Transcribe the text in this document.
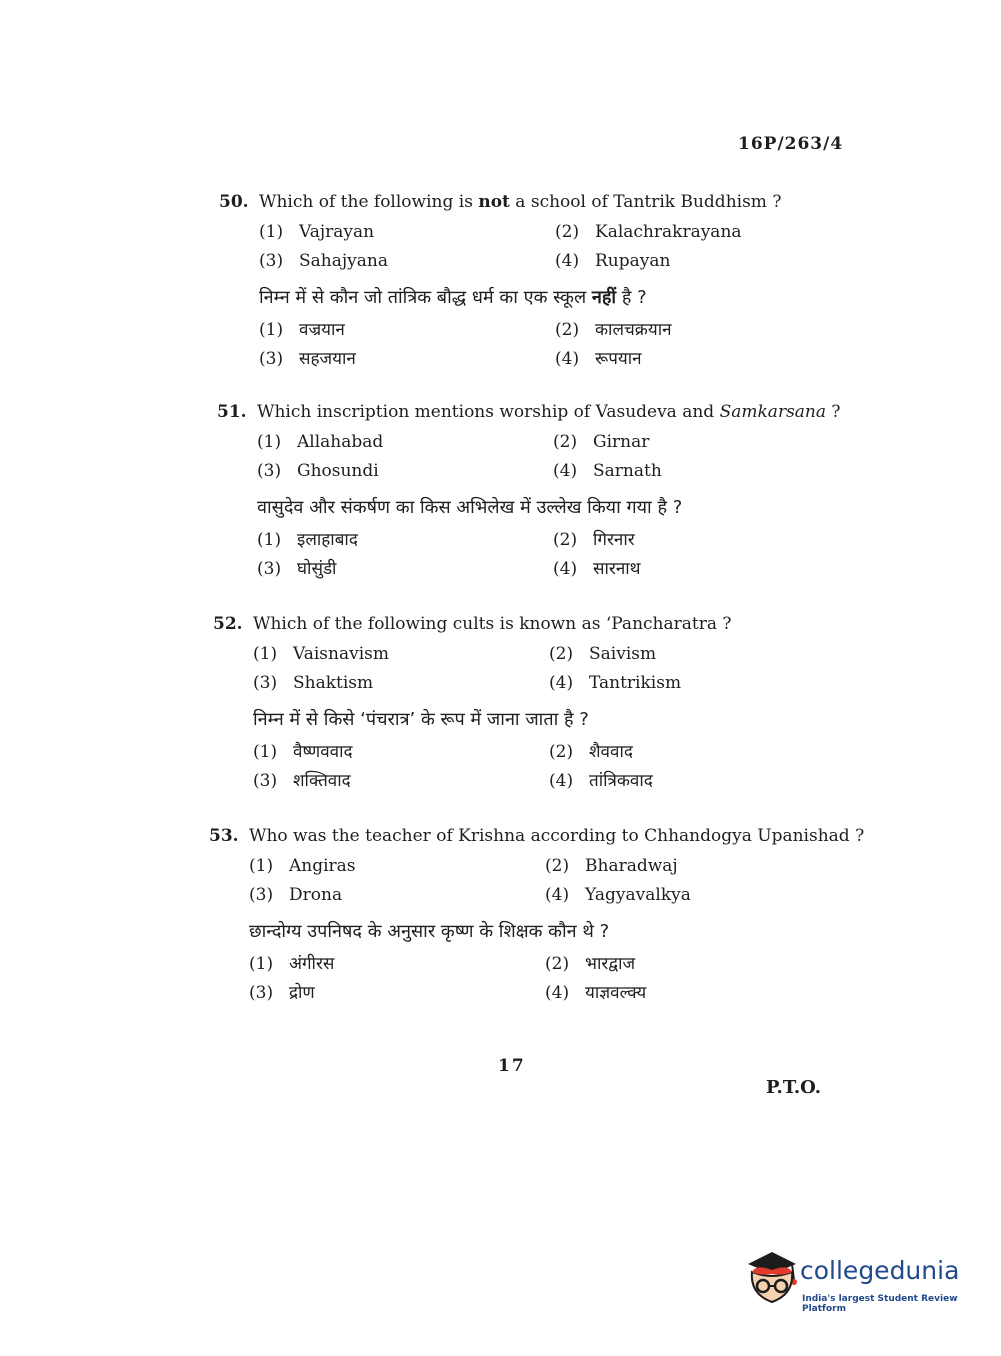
16P/263/4
50. Which of the following is not a school of Tantrik Buddhism ?
(1) Vajrayan	(2) Kalachrakrayana
(3) Sahajyana	(4) Rupayan
निम्न में से कौन जो तांत्रिक बौद्ध धर्म का एक स्कूल नहीं है ?
(1) वज्रयान	(2) कालचक्रयान
(3) सहजयान	(4) रूपयान
51. Which inscription mentions worship of Vasudeva and Samkarsana ?
(1) Allahabad	(2) Girnar
(3) Ghosundi	(4) Sarnath
वासुदेव और संकर्षण का किस अभिलेख में उल्लेख किया गया है ?
(1) इलाहाबाद	(2) गिरनार
(3) घोसुंडी	(4) सारनाथ
52. Which of the following cults is known as ‘Pancharatra ?
(1) Vaisnavism	(2) Saivism
(3) Shaktism	(4) Tantrikism
निम्न में से किसे ‘पंचरात्र’ के रूप में जाना जाता है ?
(1) वैष्णववाद	(2) शैववाद
(3) शक्तिवाद	(4) तांत्रिकवाद
53. Who was the teacher of Krishna according to Chhandogya Upanishad ?
(1) Angiras	(2) Bharadwaj
(3) Drona	(4) Yagyavalkya
छान्दोग्य उपनिषद के अनुसार कृष्ण के शिक्षक कौन थे ?
(1) अंगीरस	(2) भारद्वाज
(3) द्रोण	(4) याज्ञवल्क्य
17
P.T.O.
collegedunia
India's largest Student Review Platform
